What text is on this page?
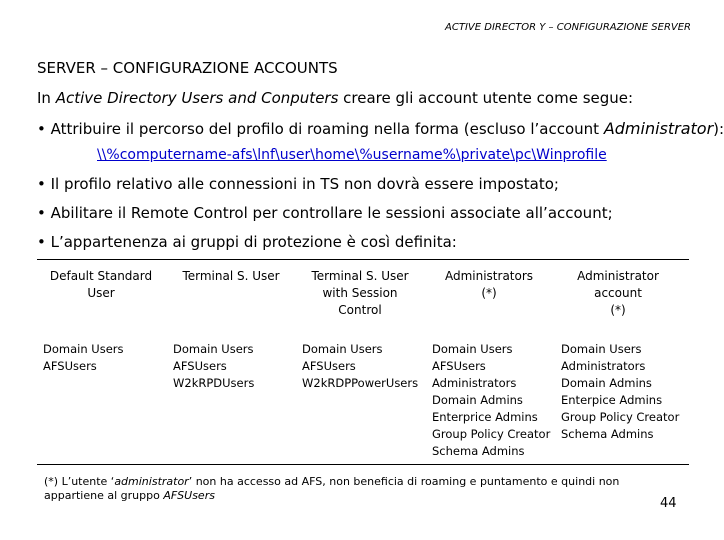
ACTIVE DIRECTOR Y – CONFIGURAZIONE SERVER
SERVER – CONFIGURAZIONE ACCOUNTS
In Active Directory Users and Conputers creare gli account utente come segue:
• Attribuire il percorso del profilo di roaming nella forma (escluso l’account Administrator):
\\%computername-afs\lnf\user\home\%username%\private\pc\Winprofile
• Il profilo relativo alle connessioni in TS non dovrà essere impostato;
• Abilitare il Remote Control per controllare le sessioni associate all’account;
• L’appartenenza ai gruppi di protezione è così definita:
Default Standard
User
Terminal S. User	Terminal S. User
with Session
Control
Administrators
(*)
Administrator
account
(*)
Domain Users
AFSUsers
Domain Users
AFSUsers
W2kRPDUsers
Domain Users
AFSUsers
W2kRDPPowerUsers
Domain Users
AFSUsers
Administrators
Domain Admins
Enterprice Admins
Group Policy Creator
Schema Admins
Domain Users
Administrators
Domain Admins
Enterpice Admins
Group Policy Creator
Schema Admins
(*) L’utente ‘administrator’ non ha accesso ad AFS, non beneficia di roaming e puntamento e quindi non appartiene al gruppo AFSUsers
44
